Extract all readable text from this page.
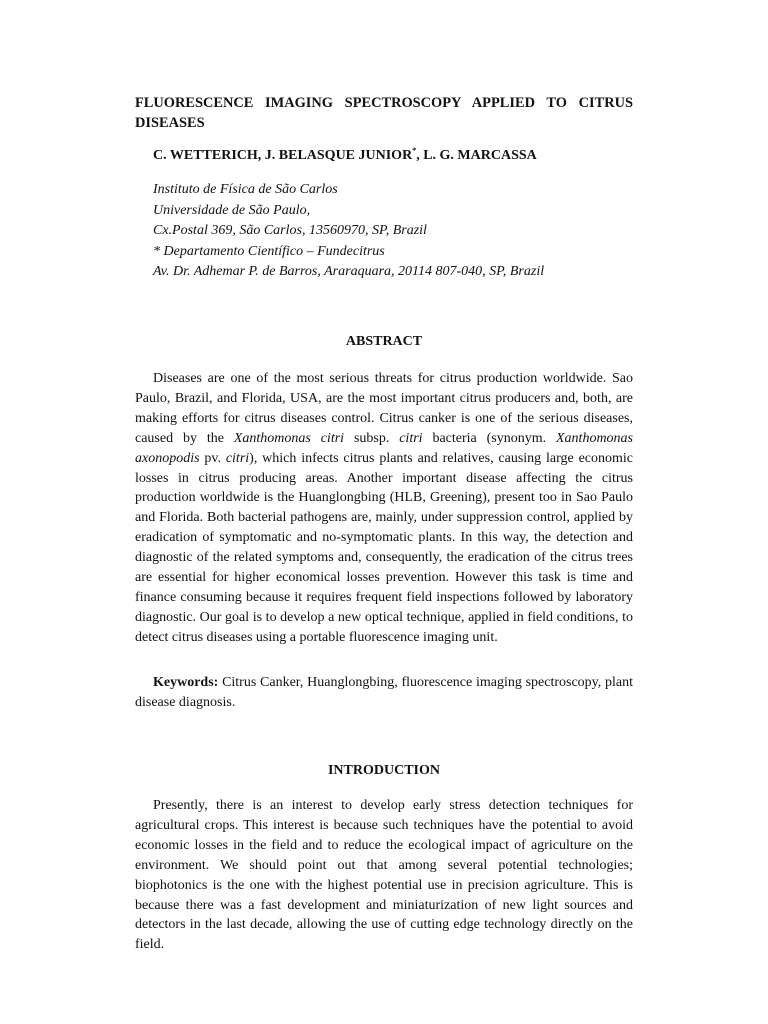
FLUORESCENCE IMAGING SPECTROSCOPY APPLIED TO CITRUS DISEASES
C. WETTERICH, J. BELASQUE JUNIOR*, L. G. MARCASSA
Instituto de Física de São Carlos
Universidade de São Paulo,
Cx.Postal 369, São Carlos, 13560970, SP, Brazil
* Departamento Científico – Fundecitrus
Av. Dr. Adhemar P. de Barros, Araraquara, 20114 807-040, SP, Brazil
ABSTRACT
Diseases are one of the most serious threats for citrus production worldwide. Sao Paulo, Brazil, and Florida, USA, are the most important citrus producers and, both, are making efforts for citrus diseases control. Citrus canker is one of the serious diseases, caused by the Xanthomonas citri subsp. citri bacteria (synonym. Xanthomonas axonopodis pv. citri), which infects citrus plants and relatives, causing large economic losses in citrus producing areas. Another important disease affecting the citrus production worldwide is the Huanglongbing (HLB, Greening), present too in Sao Paulo and Florida. Both bacterial pathogens are, mainly, under suppression control, applied by eradication of symptomatic and no-symptomatic plants. In this way, the detection and diagnostic of the related symptoms and, consequently, the eradication of the citrus trees are essential for higher economical losses prevention. However this task is time and finance consuming because it requires frequent field inspections followed by laboratory diagnostic. Our goal is to develop a new optical technique, applied in field conditions, to detect citrus diseases using a portable fluorescence imaging unit.
Keywords: Citrus Canker, Huanglongbing, fluorescence imaging spectroscopy, plant disease diagnosis.
INTRODUCTION
Presently, there is an interest to develop early stress detection techniques for agricultural crops. This interest is because such techniques have the potential to avoid economic losses in the field and to reduce the ecological impact of agriculture on the environment. We should point out that among several potential technologies; biophotonics is the one with the highest potential use in precision agriculture. This is because there was a fast development and miniaturization of new light sources and detectors in the last decade, allowing the use of cutting edge technology directly on the field.
